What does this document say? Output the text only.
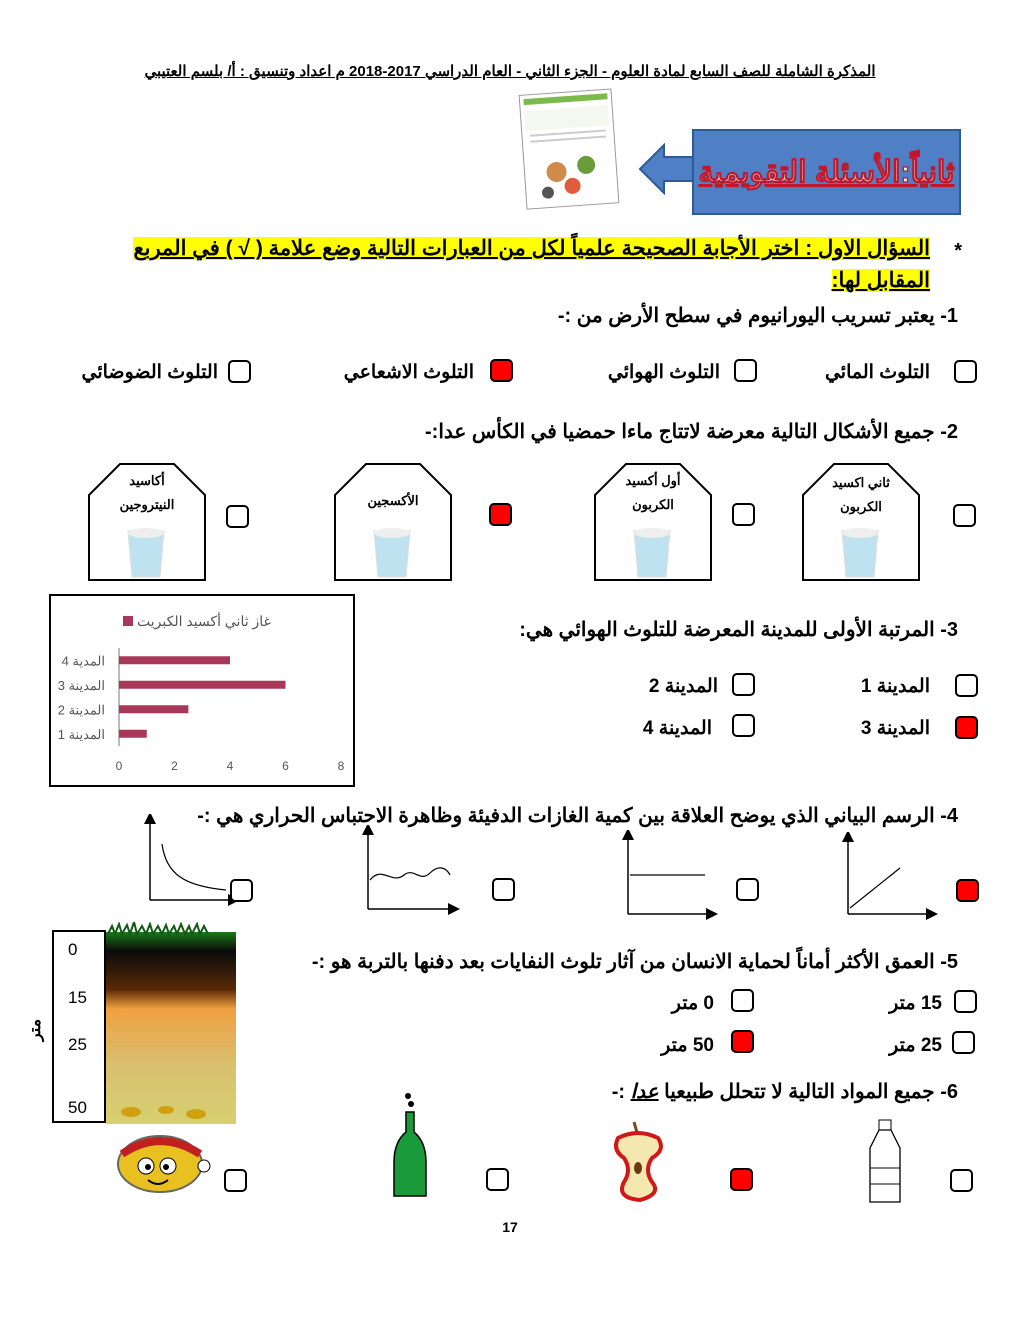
المذكرة الشاملة للصف السابع لمادة العلوم - الجزء الثاني - العام الدراسي 2017-2018 م اعداد وتنسيق : أ/ بلسم العتيبي
ثانياً:الأسئلة التقويمية
*
السؤال الاول : اختر الأجابة الصحيحة علمياً لكل من العبارات التالية وضع علامة ( √ ) في المربع
المقابل لها:
1- يعتبر تسريب اليورانيوم في سطح الأرض من :-
التلوث المائي
التلوث الهوائي
التلوث الاشعاعي
التلوث الضوضائي
2- جميع الأشكال التالية معرضة لاتتاج ماءا حمضيا في الكأس عدا:-
ثاني اكسيد
الكربون
أول أكسيد
الكربون
الأكسجين
أكاسيد
النيتروجين
غاز ثاني أكسيد الكبريت
المدينة 1
المدينة 2
المدينة 3
المدية 4
0	2	4	6	8
3- المرتبة الأولى للمدينة المعرضة للتلوث الهوائي هي:
المدينة 1
المدينة 2
المدينة 3
المدينة 4
4- الرسم البياني الذي يوضح العلاقة بين كمية الغازات الدفيئة وظاهرة الاحتباس الحراري هي :-
0
15
25
50
متر
5- العمق الأكثر أماناً لحماية الانسان من آثار تلوث النفايات بعد دفنها بالتربة هو :-
15 متر
0 متر
25 متر
50 متر
6- جميع المواد التالية لا تتحلل طبيعيا عدا :-
17
